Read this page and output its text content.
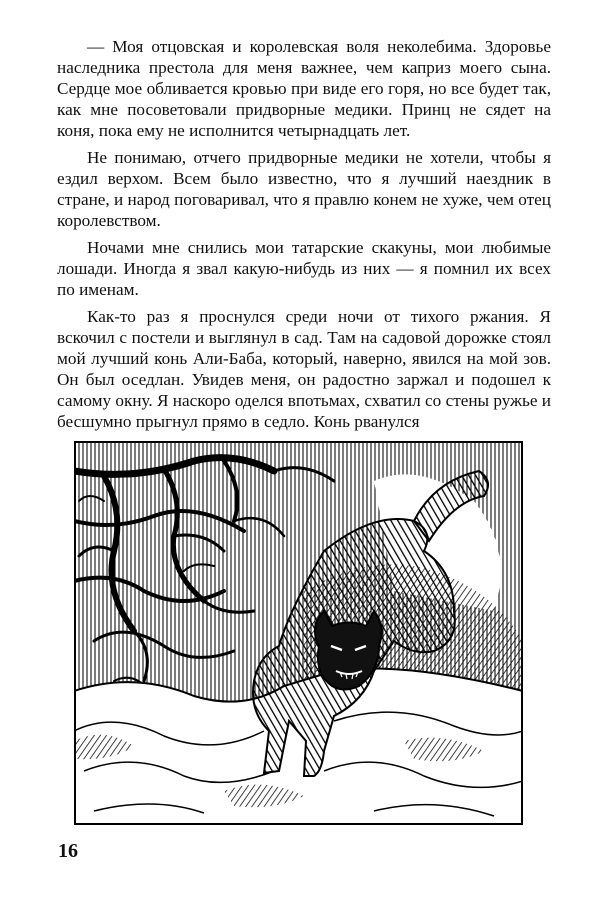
— Моя отцовская и королевская воля неколебима. Здоровье наследника престола для меня важнее, чем каприз моего сына. Сердце мое обливается кровью при виде его горя, но все будет так, как мне посоветовали придворные медики. Принц не сядет на коня, пока ему не исполнится четырнадцать лет.

Не понимаю, отчего придворные медики не хотели, чтобы я ездил верхом. Всем было известно, что я лучший наездник в стране, и народ поговаривал, что я правлю конем не хуже, чем отец королевством.

Ночами мне снились мои татарские скакуны, мои любимые лошади. Иногда я звал какую-нибудь из них — я помнил их всех по именам.

Как-то раз я проснулся среди ночи от тихого ржания. Я вскочил с постели и выглянул в сад. Там на садовой дорожке стоял мой лучший конь Али-Баба, который, наверно, явился на мой зов. Он был оседлан. Увидев меня, он радостно заржал и подошел к самому окну. Я наскоро оделся впотьмах, схватил со стены ружье и бесшумно прыгнул прямо в седло. Конь рванулся

16
